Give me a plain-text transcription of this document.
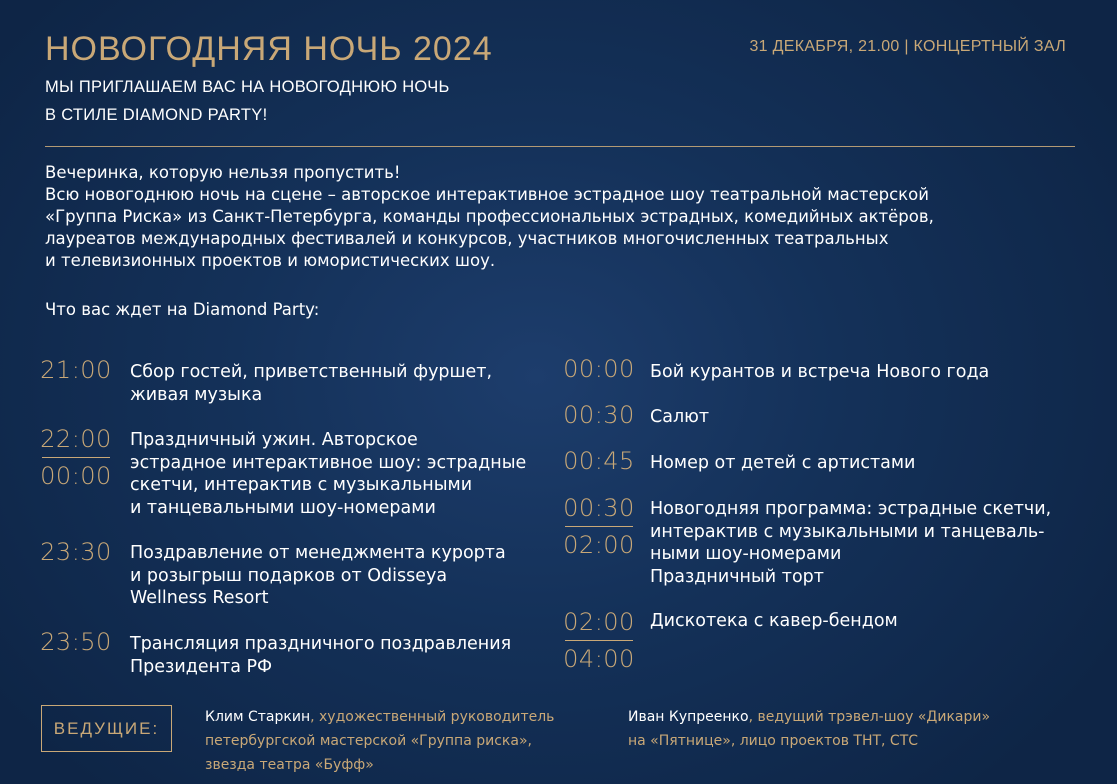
НОВОГОДНЯЯ НОЧЬ 2024
МЫ ПРИГЛАШАЕМ ВАС НА НОВОГОДНЮЮ НОЧЬ
В СТИЛЕ DIAMOND PARTY!
31 ДЕКАБРЯ, 21.00 | КОНЦЕРТНЫЙ ЗАЛ

Вечеринка, которую нельзя пропустить!

Всю новогоднюю ночь на сцене – авторское интерактивное эстрадное шоу театральной мастерской

«Группа Риска» из Санкт-Петербурга, команды профессиональных эстрадных, комедийных актёров,

лауреатов международных фестивалей и конкурсов, участников многочисленных театральных

и телевизионных проектов и юмористических шоу.

Что вас ждет на Diamond Party:
21:00 Сбор гостей, приветственный фуршет,
живая музыка
22:00
00:00
Праздничный ужин. Авторское
эстрадное интерактивное шоу: эстрадные
скетчи, интерактив с музыкальными
и танцевальными шоу-номерами
23:30 Поздравление от менеджмента курорта
и розыгрыш подарков от Odisseya
Wellness Resort
23:50 Трансляция праздничного поздравления
Президента РФ
00:00 Бой курантов и встреча Нового года
00:30 Салют
00:45 Номер от детей с артистами
00:30
02:00
Новогодняя программа: эстрадные скетчи,
интерактив с музыкальными и танцеваль-
ными шоу-номерами
Праздничный торт
02:00
04:00
Дискотека с кавер-бендом
ВЕДУЩИЕ:
Клим Старкин, художественный руководитель
петербургской мастерской «Группа риска»,
звезда театра «Буфф»
Иван Купреенко, ведущий трэвел-шоу «Дикари»
на «Пятнице», лицо проектов ТНТ, СТС
